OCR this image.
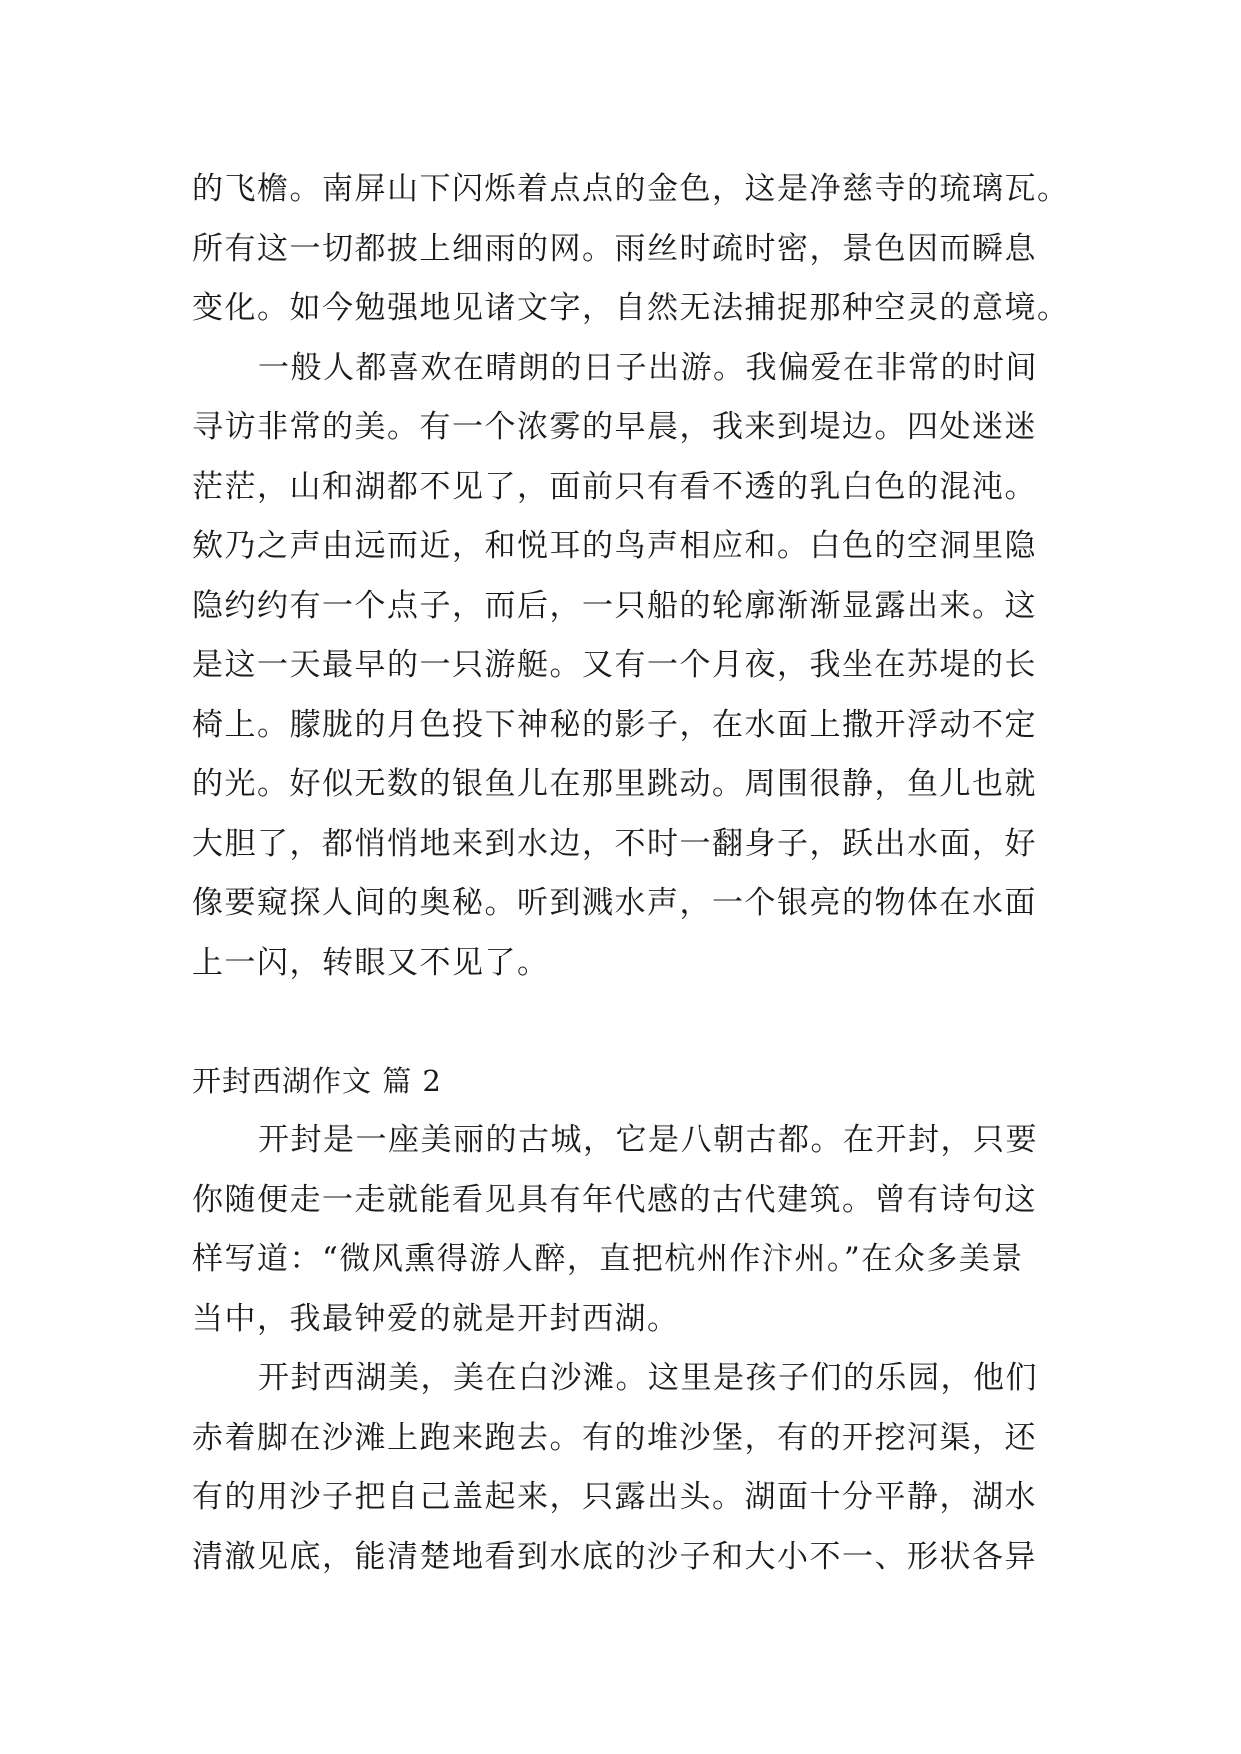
的飞檐。南屏山下闪烁着点点的金色，这是净慈寺的琉璃瓦。
所有这一切都披上细雨的网。雨丝时疏时密，景色因而瞬息
变化。如今勉强地见诸文字，自然无法捕捉那种空灵的意境。
一般人都喜欢在晴朗的日子出游。我偏爱在非常的时间
寻访非常的美。有一个浓雾的早晨，我来到堤边。四处迷迷
茫茫，山和湖都不见了，面前只有看不透的乳白色的混沌。
欸乃之声由远而近，和悦耳的鸟声相应和。白色的空洞里隐
隐约约有一个点子，而后，一只船的轮廓渐渐显露出来。这
是这一天最早的一只游艇。又有一个月夜，我坐在苏堤的长
椅上。朦胧的月色投下神秘的影子，在水面上撒开浮动不定
的光。好似无数的银鱼儿在那里跳动。周围很静，鱼儿也就
大胆了，都悄悄地来到水边，不时一翻身子，跃出水面，好
像要窥探人间的奥秘。听到溅水声，一个银亮的物体在水面
上一闪，转眼又不见了。
开封西湖作文 篇 2
开封是一座美丽的古城，它是八朝古都。在开封，只要
你随便走一走就能看见具有年代感的古代建筑。曾有诗句这
样写道：“微风熏得游人醉，直把杭州作汴州。”在众多美景
当中，我最钟爱的就是开封西湖。
开封西湖美，美在白沙滩。这里是孩子们的乐园，他们
赤着脚在沙滩上跑来跑去。有的堆沙堡，有的开挖河渠，还
有的用沙子把自己盖起来，只露出头。湖面十分平静，湖水
清澈见底，能清楚地看到水底的沙子和大小不一、形状各异
